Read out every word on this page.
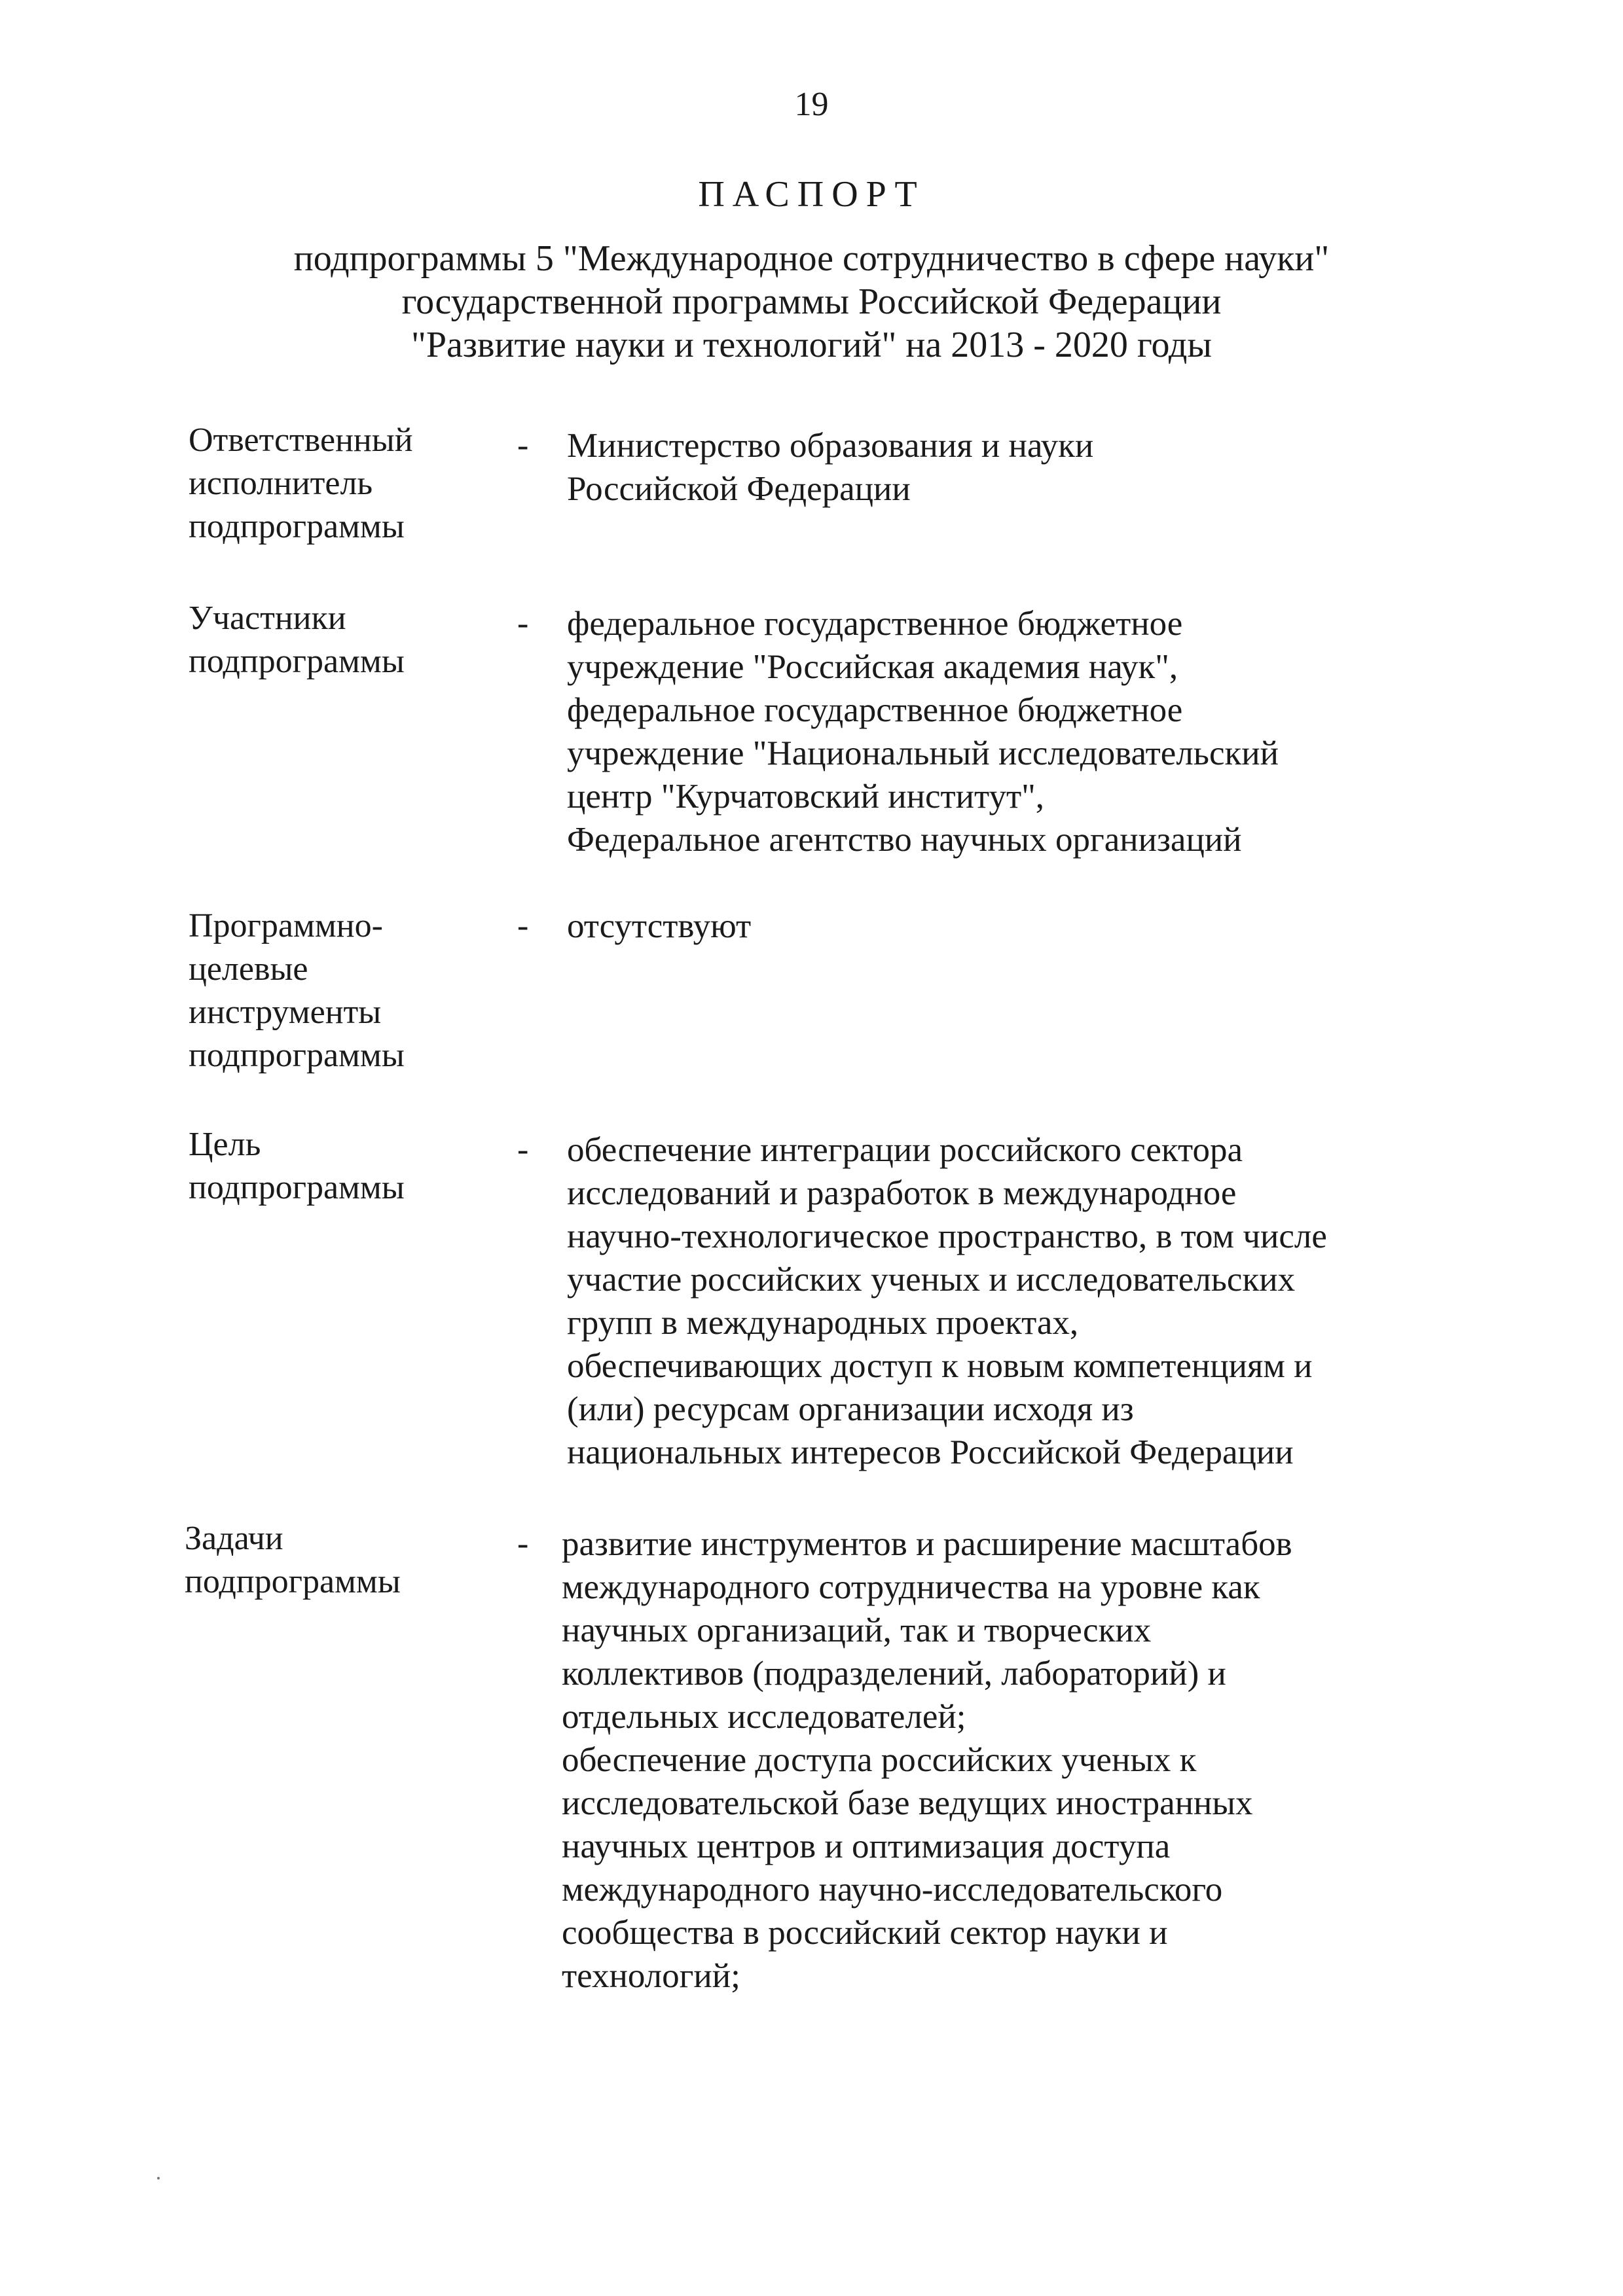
19
ПАСПОРТ
подпрограммы 5 "Международное сотрудничество в сфере науки"
государственной программы Российской Федерации
"Развитие науки и технологий" на 2013 - 2020 годы
Ответственный
исполнитель
подпрограммы
- Министерство образования и науки
Российской Федерации
Участники
подпрограммы
- федеральное государственное бюджетное
учреждение "Российская академия наук",
федеральное государственное бюджетное
учреждение "Национальный исследовательский
центр "Курчатовский институт",
Федеральное агентство научных организаций
Программно-
целевые
инструменты
подпрограммы
- отсутствуют
Цель
подпрограммы
- обеспечение интеграции российского сектора
исследований и разработок в международное
научно-технологическое пространство, в том числе
участие российских ученых и исследовательских
групп в международных проектах,
обеспечивающих доступ к новым компетенциям и
(или) ресурсам организации исходя из
национальных интересов Российской Федерации
Задачи
подпрограммы
- развитие инструментов и расширение масштабов
международного сотрудничества на уровне как
научных организаций, так и творческих
коллективов (подразделений, лабораторий) и
отдельных исследователей;
обеспечение доступа российских ученых к
исследовательской базе ведущих иностранных
научных центров и оптимизация доступа
международного научно-исследовательского
сообщества в российский сектор науки и
технологий;
